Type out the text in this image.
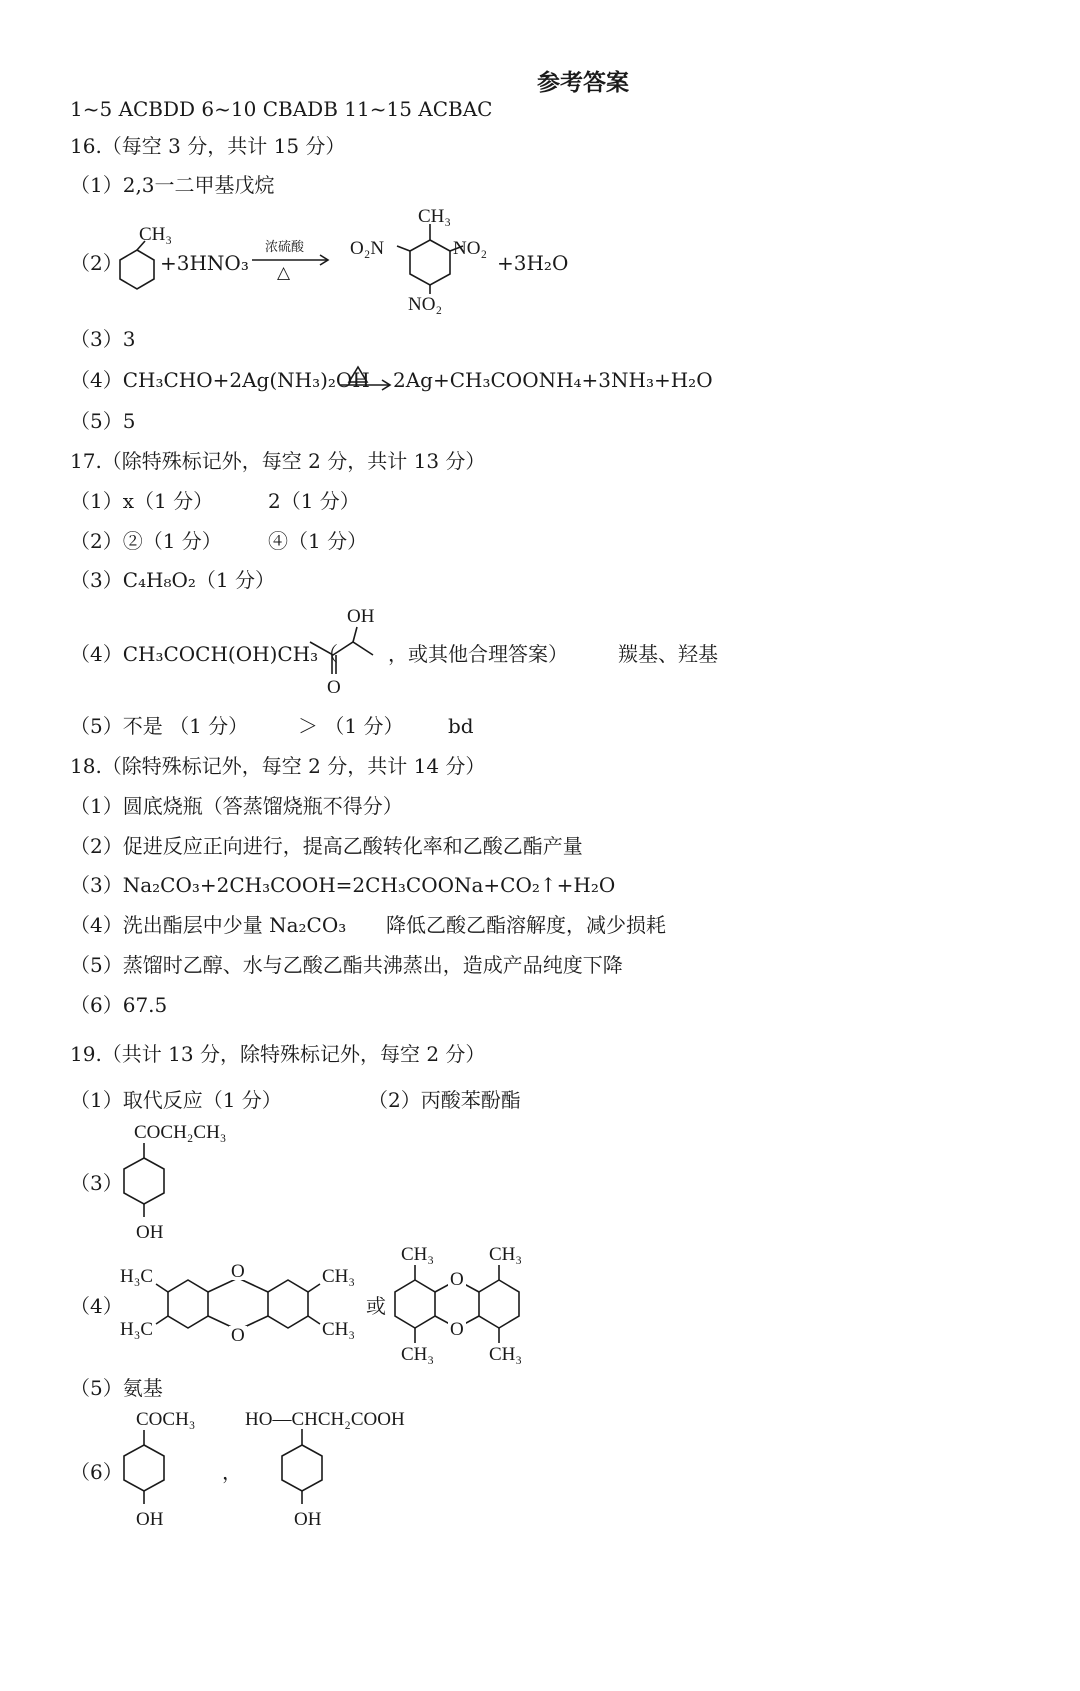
参考答案
1~5 ACBDD 6~10 CBADB 11~15 ACBAC
16.（每空 3 分，共计 15 分）
（1）2,3一二甲基戊烷
（2）
CH₃
+3HNO₃
浓硫酸
△
CH₃
O₂N	NO₂
NO₂
+3H₂O
（3）3
（4）CH₃CHO+2Ag(NH₃)₂OH 2Ag+CH₃COONH₄+3NH₃+H₂O
（5）5
17.（除特殊标记外，每空 2 分，共计 13 分）
（1）x（1 分）	2（1 分）
（2）②（1 分） ④（1 分）
（3）C₄H₈O₂（1 分）
（4）CH₃COCH(OH)CH₃（
OH
O
，或其他合理答案）	羰基、羟基
（5）不是 （1 分） ＞ （1 分） bd
18.（除特殊标记外，每空 2 分，共计 14 分）
（1）圆底烧瓶（答蒸馏烧瓶不得分）
（2）促进反应正向进行，提高乙酸转化率和乙酸乙酯产量
（3）Na₂CO₃+2CH₃COOH=2CH₃COONa+CO₂↑+H₂O
（4）洗出酯层中少量 Na₂CO₃ 降低乙酸乙酯溶解度，减少损耗
（5）蒸馏时乙醇、水与乙酸乙酯共沸蒸出，造成产品纯度下降
（6）67.5
19.（共计 13 分，除特殊标记外，每空 2 分）
（1）取代反应（1 分）	（2）丙酸苯酚酯
（3）
COCH₂CH₃
OH
（4）
O
O
H₃C
H₃C
CH₃
CH₃
或
O
O
CH₃	CH₃
CH₃	CH₃
（5）氨基
（6）
COCH₃
OH
，
HO—CHCH₂COOH
OH
